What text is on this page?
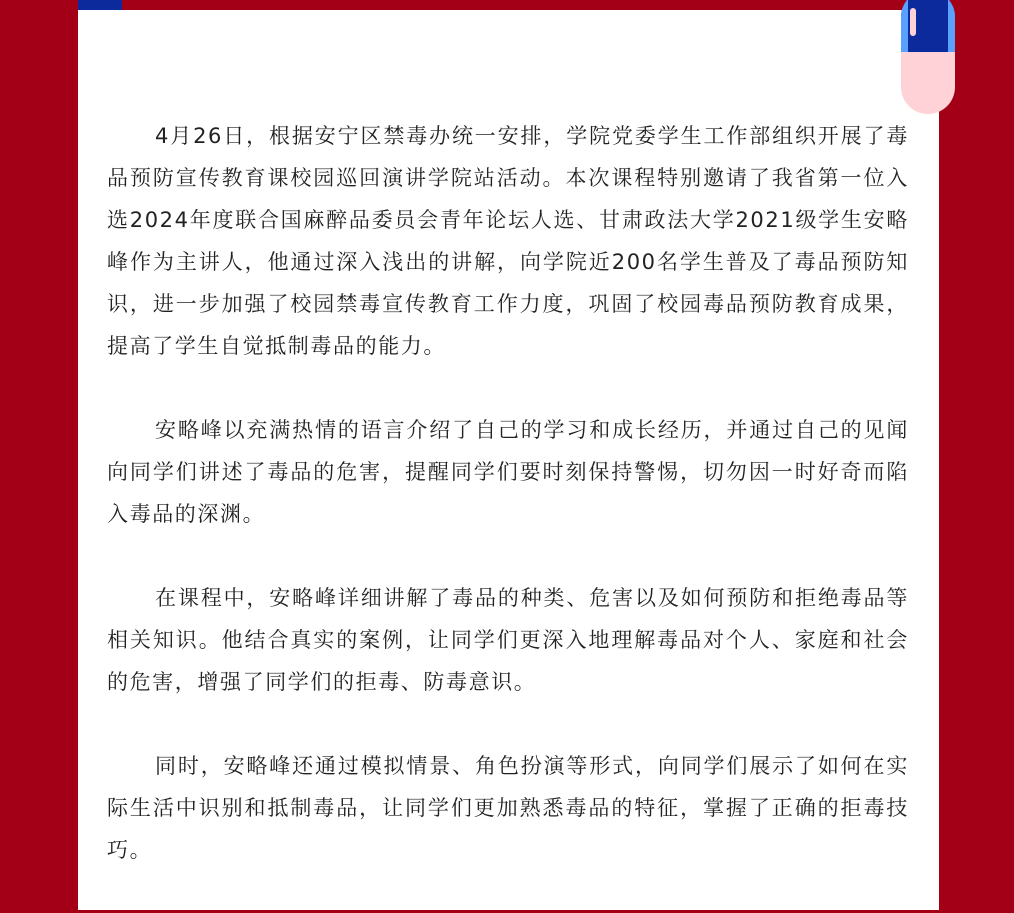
4月26日，根据安宁区禁毒办统一安排，学院党委学生工作部组织开展了毒品预防宣传教育课校园巡回演讲学院站活动。本次课程特别邀请了我省第一位入选2024年度联合国麻醉品委员会青年论坛人选、甘肃政法大学2021级学生安略峰作为主讲人，他通过深入浅出的讲解，向学院近200名学生普及了毒品预防知识，进一步加强了校园禁毒宣传教育工作力度，巩固了校园毒品预防教育成果，提高了学生自觉抵制毒品的能力。

安略峰以充满热情的语言介绍了自己的学习和成长经历，并通过自己的见闻向同学们讲述了毒品的危害，提醒同学们要时刻保持警惕，切勿因一时好奇而陷入毒品的深渊。

在课程中，安略峰详细讲解了毒品的种类、危害以及如何预防和拒绝毒品等相关知识。他结合真实的案例，让同学们更深入地理解毒品对个人、家庭和社会的危害，增强了同学们的拒毒、防毒意识。

同时，安略峰还通过模拟情景、角色扮演等形式，向同学们展示了如何在实际生活中识别和抵制毒品，让同学们更加熟悉毒品的特征，掌握了正确的拒毒技巧。
